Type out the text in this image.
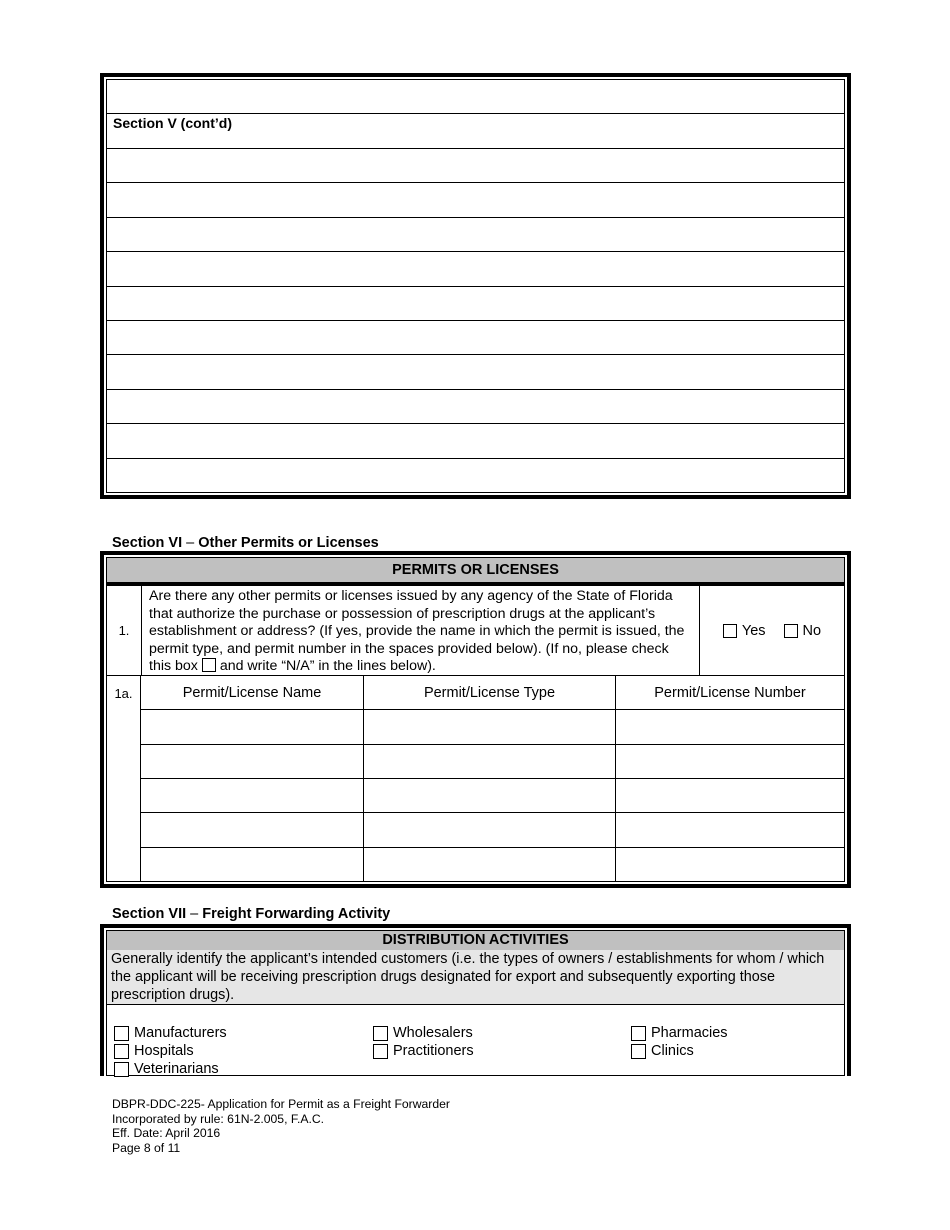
Section V (cont’d)
Section VI – Other Permits or Licenses
PERMITS OR LICENSES
1.
Are there any other permits or licenses issued by any agency of the State of Florida that authorize the purchase or possession of prescription drugs at the applicant’s establishment or address? (If yes, provide the name in which the permit is issued, the permit type, and permit number in the spaces provided below). (If no, please check this box and write “N/A” in the lines below).
Yes	No
1a.	Permit/License Name	Permit/License Type	Permit/License Number
Section VII – Freight Forwarding Activity
DISTRIBUTION ACTIVITIES
Generally identify the applicant’s intended customers (i.e. the types of owners / establishments for whom / which the applicant will be receiving prescription drugs designated for export and subsequently exporting those prescription drugs).
Manufacturers
Hospitals
Veterinarians
Wholesalers
Practitioners
Pharmacies
Clinics
DBPR-DDC-225- Application for Permit as a Freight Forwarder
Incorporated by rule: 61N-2.005, F.A.C.
Eff. Date: April 2016
Page 8 of 11
